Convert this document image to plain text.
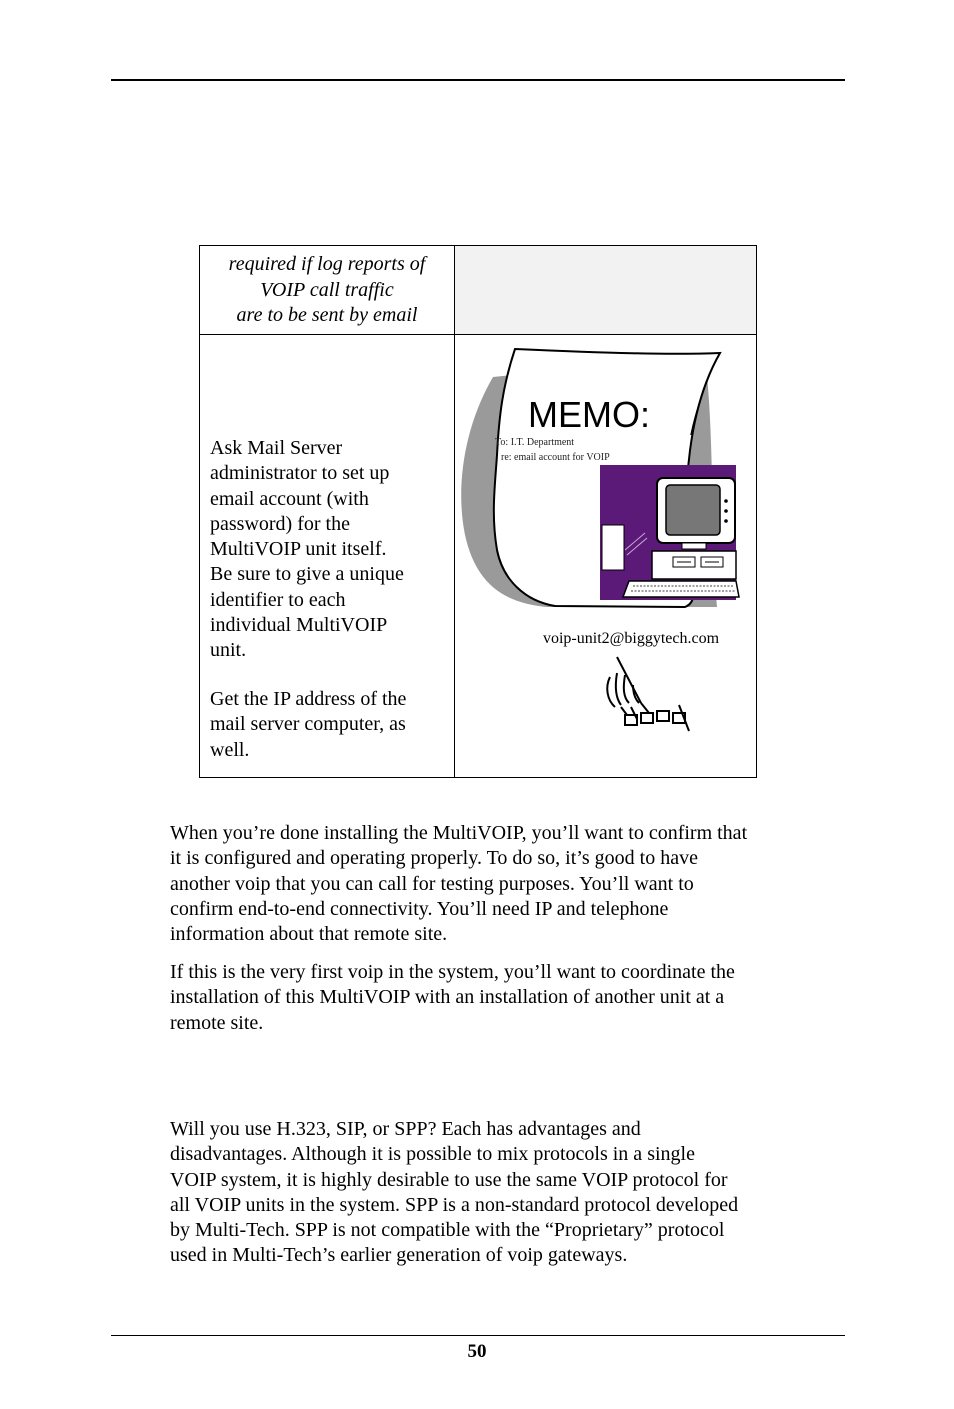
required if log reports of
VOIP call traffic
are to be sent by email
Ask Mail Server
administrator to set up
email account (with
password) for the
MultiVOIP unit itself.
Be sure to give a unique
identifier to each
individual MultiVOIP
unit.
Get the IP address of the
mail server computer, as
well.
MEMO:
To: I.T. Department
re: email account for VOIP
voip-unit2@biggytech.com
When you’re done installing the MultiVOIP, you’ll want to confirm that
it is configured and operating properly. To do so, it’s good to have
another voip that you can call for testing purposes. You’ll want to
confirm end-to-end connectivity. You’ll need IP and telephone
information about that remote site.
If this is the very first voip in the system, you’ll want to coordinate the
installation of this MultiVOIP with an installation of another unit at a
remote site.
Will you use H.323, SIP, or SPP? Each has advantages and
disadvantages. Although it is possible to mix protocols in a single
VOIP system, it is highly desirable to use the same VOIP protocol for
all VOIP units in the system. SPP is a non-standard protocol developed
by Multi-Tech. SPP is not compatible with the “Proprietary” protocol
used in Multi-Tech’s earlier generation of voip gateways.
50
